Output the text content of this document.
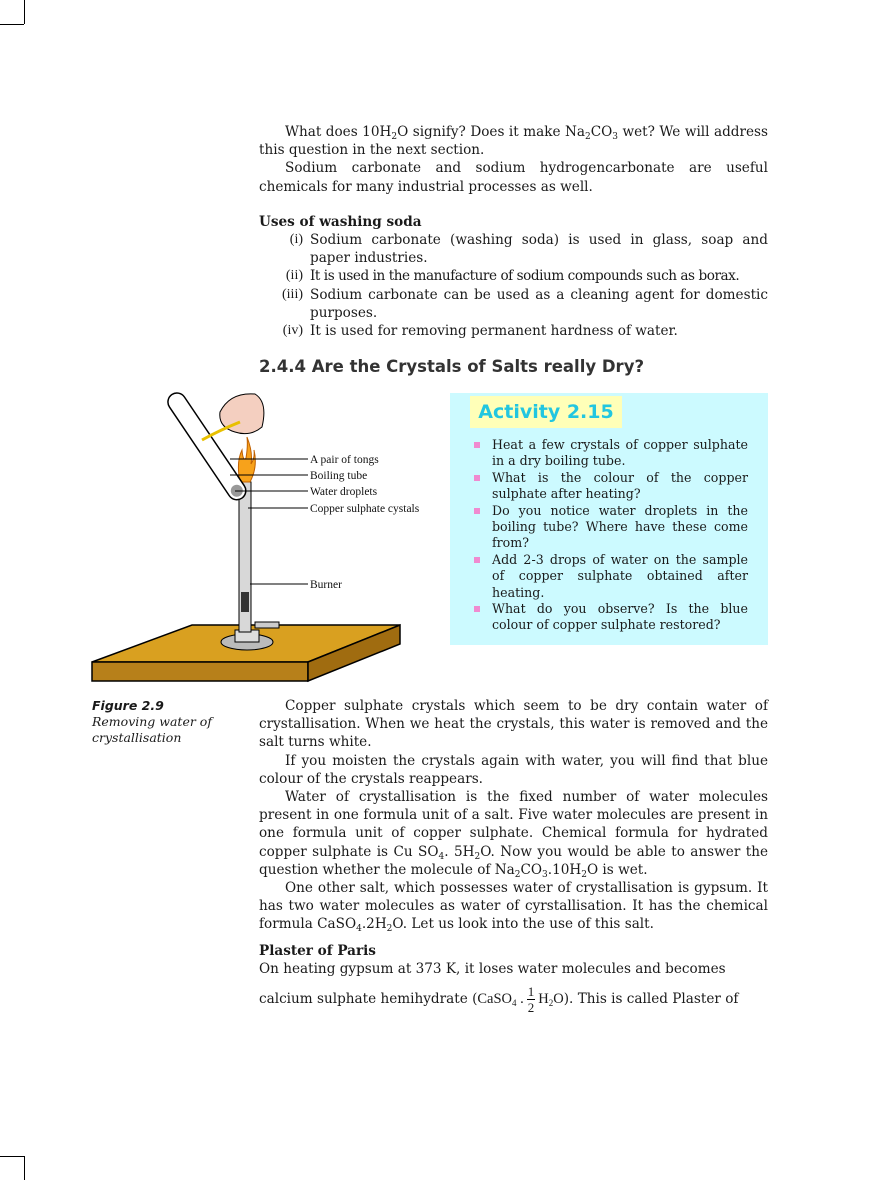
What does $10H_2O$ signify? Does it make $Na_2CO_3$ wet? We will address this question in the next section.

Sodium carbonate and sodium hydrogencarbonate are useful chemicals for many industrial processes as well.

Uses of washing soda

(i) Sodium carbonate (washing soda) is used in glass, soap and paper industries.
(ii) It is used in the manufacture of sodium compounds such as borax.
(iii) Sodium carbonate can be used as a cleaning agent for domestic purposes.
(iv) It is used for removing permanent hardness of water.
2.4.4 Are the Crystals of Salts really Dry?
A pair of tongs
Boiling tube
Water droplets
Copper sulphate cystals
Burner
Activity 2.15
Heat a few crystals of copper sulphate in a dry boiling tube.
What is the colour of the copper sulphate after heating?
Do you notice water droplets in the boiling tube? Where have these come from?
Add 2-3 drops of water on the sample of copper sulphate obtained after heating.
What do you observe? Is the blue colour of copper sulphate restored?
Figure 2.9
Removing water of crystallisation

Copper sulphate crystals which seem to be dry contain water of crystallisation. When we heat the crystals, this water is removed and the salt turns white.

If you moisten the crystals again with water, you will find that blue colour of the crystals reappears.

Water of crystallisation is the fixed number of water molecules present in one formula unit of a salt. Five water molecules are present in one formula unit of copper sulphate. Chemical formula for hydrated copper sulphate is Cu $SO_4$. $5H_2O$. Now you would be able to answer the question whether the molecule of $Na_2CO_3.10H_2O$ is wet.

One other salt, which possesses water of crystallisation is gypsum. It has two water molecules as water of cyrstallisation. It has the chemical formula $CaSO_4.2H_2O$. Let us look into the use of this salt.

Plaster of Paris

On heating gypsum at 373 K, it loses water molecules and becomes

calcium sulphate hemihydrate (CaSO$_4$ . $\frac{1}{2} H_2O$). This is called Plaster of
